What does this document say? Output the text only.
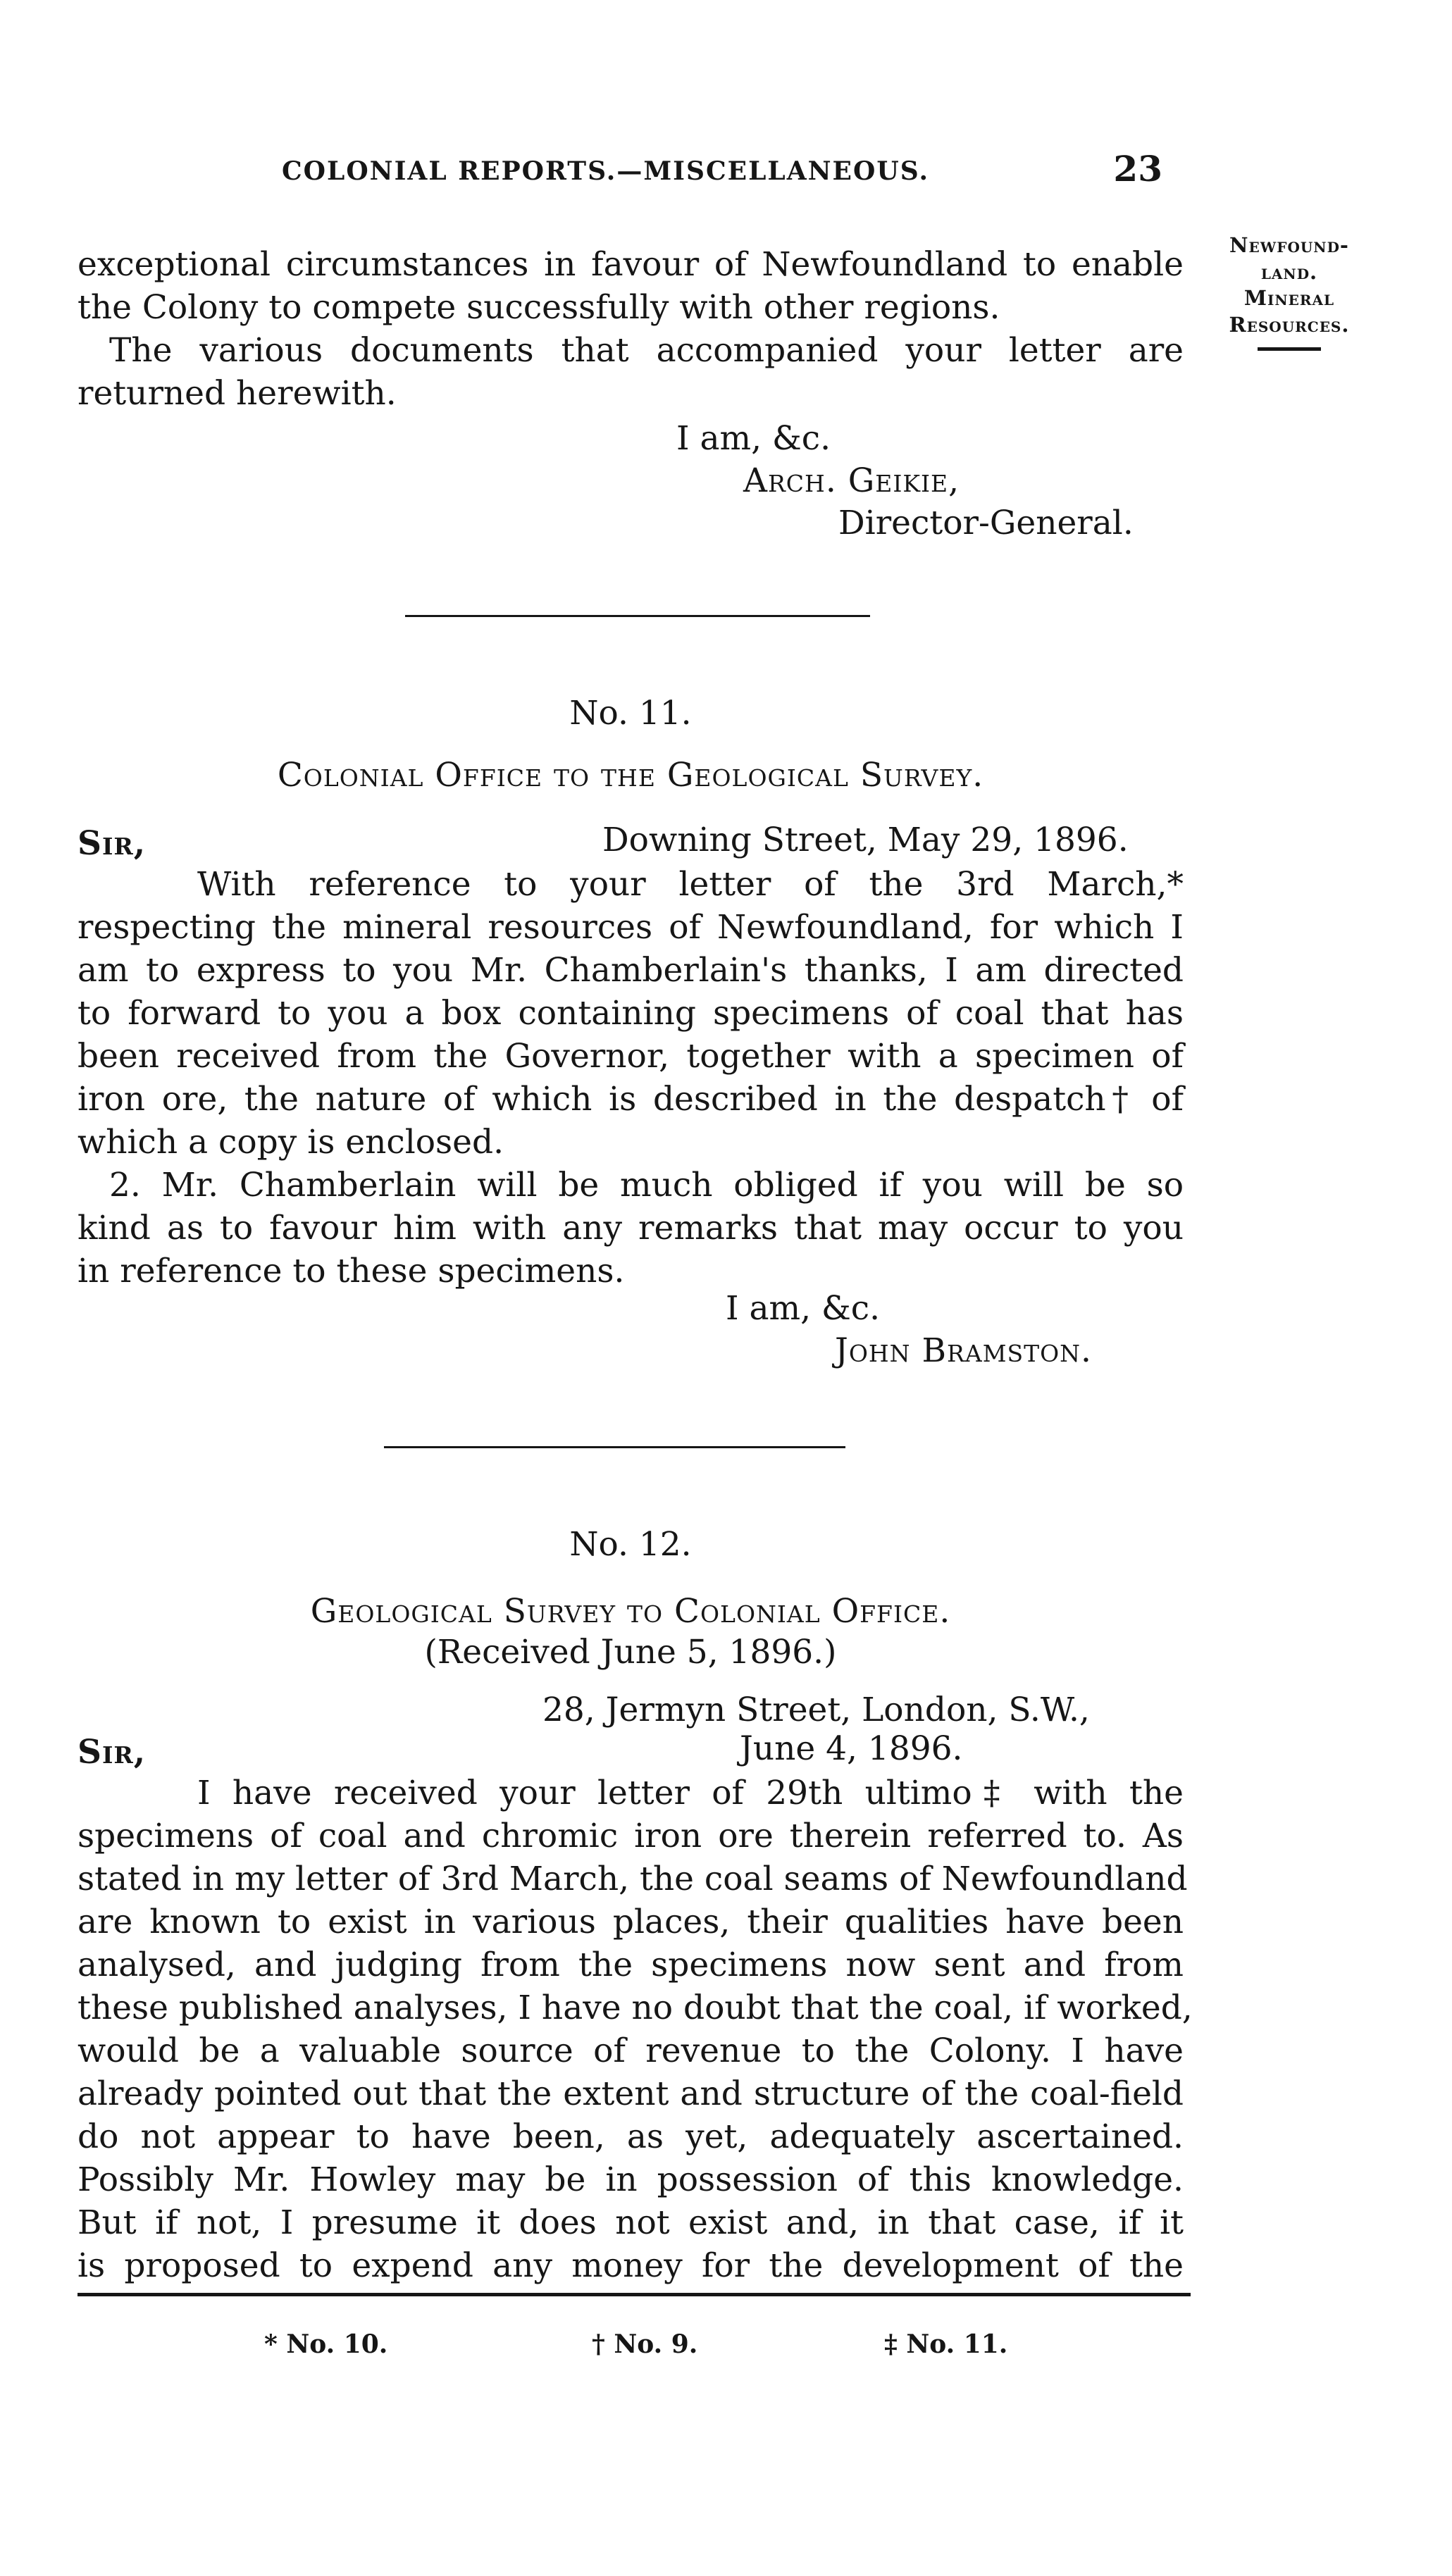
COLONIAL REPORTS.—MISCELLANEOUS.	23
Newfound-
land.
Mineral
Resources.
exceptional circumstances in favour of Newfoundland to enable
the Colony to compete successfully with other regions.
The various documents that accompanied your letter are
returned herewith.
I am, &c.
Arch. Geikie,
Director-General.
No. 11.
Colonial Office to the Geological Survey.
Sir,	Downing Street, May 29, 1896.
With reference to your letter of the 3rd March,*
respecting the mineral resources of Newfoundland, for which I
am to express to you Mr. Chamberlain's thanks, I am directed
to forward to you a box containing specimens of coal that has
been received from the Governor, together with a specimen of
iron ore, the nature of which is described in the despatch† of
which a copy is enclosed.
2. Mr. Chamberlain will be much obliged if you will be so
kind as to favour him with any remarks that may occur to you
in reference to these specimens.
I am, &c.
John Bramston.
No. 12.
Geological Survey to Colonial Office.
(Received June 5, 1896.)
28, Jermyn Street, London, S.W.,
Sir,	June 4, 1896.
I have received your letter of 29th ultimo‡ with the
specimens of coal and chromic iron ore therein referred to. As
stated in my letter of 3rd March, the coal seams of Newfoundland
are known to exist in various places, their qualities have been
analysed, and judging from the specimens now sent and from
these published analyses, I have no doubt that the coal, if worked,
would be a valuable source of revenue to the Colony. I have
already pointed out that the extent and structure of the coal-field
do not appear to have been, as yet, adequately ascertained.
Possibly Mr. Howley may be in possession of this knowledge.
But if not, I presume it does not exist and, in that case, if it
is proposed to expend any money for the development of the
* No. 10.	† No. 9.	‡ No. 11.
